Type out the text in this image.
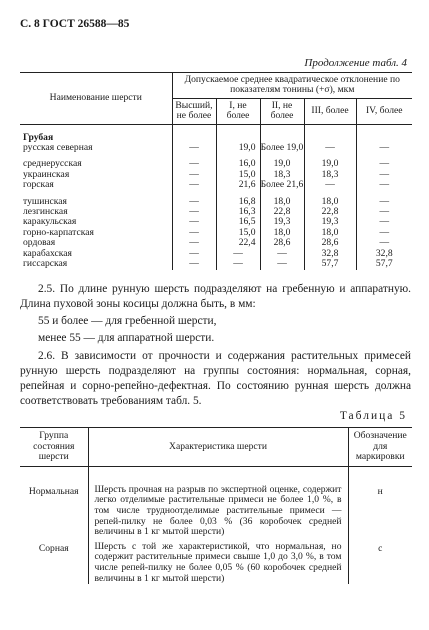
С. 8 ГОСТ 26588—85
Продолжение табл. 4
Наименование шерсти	Допускаемое среднее квадратическое отклонение по показателям тонины (+σ), мкм				
	Высший, не более	I, не более	II, не более	III, более	IV, более
Грубая					
русская северная	—	19,0	Более 19,0	—	—
среднерусская	—	16,0	19,0	19,0	—
украинская	—	15,0	18,3	18,3	—
горская	—	21,6	Более 21,6	—	—
тушинская	—	16,8	18,0	18,0	—
лезгинская	—	16,3	22,8	22,8	—
каракульская	—	16,5	19,3	19,3	—
горно-карпатская	—	15,0	18,0	18,0	—
ордовая	—	22,4	28,6	28,6	—
карабахская	—	—	—	32,8	32,8
гиссарская	—	—	—	57,7	57,7
2.5. По длине рунную шерсть подразделяют на гребенную и аппаратную. Длина пуховой зоны косицы должна быть, в мм:
55 и более — для гребенной шерсти,
менее 55 — для аппаратной шерсти.
2.6. В зависимости от прочности и содержания растительных примесей рунную шерсть подразделяют на группы состояния: нормальная, сорная, репейная и сорно-репейно-дефектная. По состоянию рунная шерсть должна соответствовать требованиям табл. 5.
Таблица 5
Группа состояния шерсти	Характеристика шерсти	Обозначение для маркировки
Нормальная	Шерсть прочная на разрыв по экспертной оценке, содержит легко отделимые растительные примеси не более 1,0 %, в том числе трудноотделимые растительные примеси — репей-пилку не более 0,03 % (36 коробочек средней величины в 1 кг мытой шерсти)	н
Сорная	Шерсть с той же характеристикой, что нормальная, но содержит растительные примеси свыше 1,0 до 3,0 %, в том числе репей-пилку не более 0,05 % (60 коробочек средней величины в 1 кг мытой шерсти)	с
